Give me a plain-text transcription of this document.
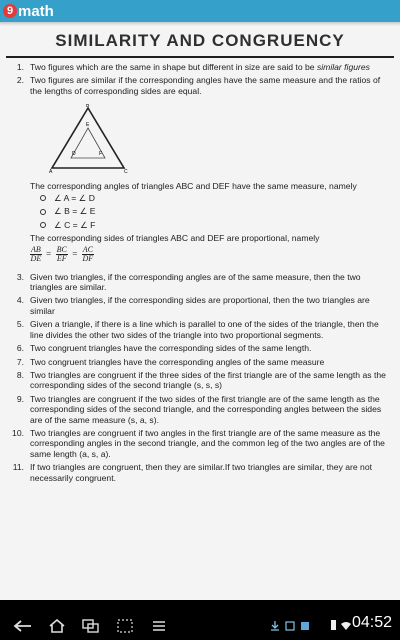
9 math
SIMILARITY AND CONGRUENCY
1. Two figures which are the same in shape but different in size are said to be similar figures
2. Two figures are similar if the corresponding angles have the same measure and the ratios of the lengths of corresponding sides are equal.
B
A	C
E
D	F
The corresponding angles of triangles ABC and DEF have the same measure, namely
∠ A = ∠ D
∠ B = ∠ E
∠ C = ∠ F
The corresponding sides of triangles ABC and DEF are proportional, namely
$\frac{AB}{DE} = \frac{BC}{EF} = \frac{AC}{DF}$
3. Given two triangles, if the corresponding angles are of the same measure, then the two triangles are similar.
4. Given two triangles, if the corresponding sides are proportional, then the two triangles are similar
5. Given a triangle, if there is a line which is parallel to one of the sides of the triangle, then the line divides the other two sides of the triangle into two proportional segments.
6. Two congruent triangles have the corresponding sides of the same length.
7. Two congruent triangles have the corresponding angles of the same measure
8. Two triangles are congruent if the three sides of the first triangle are of the same length as the corresponding sides of the second triangle (s, s, s)
9. Two triangles are congruent if the two sides of the first triangle are of the same length as the corresponding sides of the second triangle, and the corresponding angles between the sides are of the same measure (s, a, s).
10. Two triangles are congruent if two angles in the first triangle are of the same measure as the corresponding angles in the second triangle, and the common leg of the two angles are of the same length (a, s, a).
11. If two triangles are congruent, then they are similar.If two triangles are similar, they are not necessarily congruent.
04:52
